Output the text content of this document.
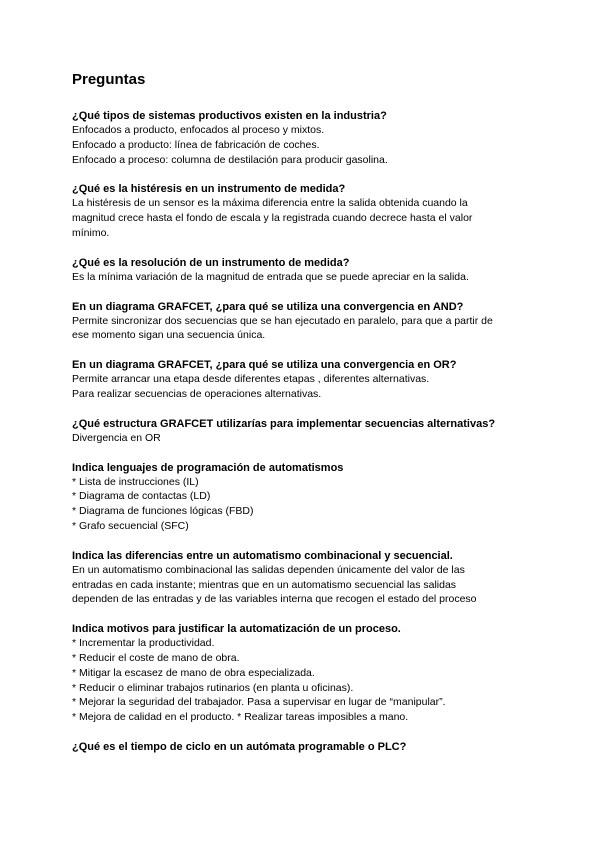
Preguntas

¿Qué tipos de sistemas productivos existen en la industria?

Enfocados a producto, enfocados al proceso y mixtos.

Enfocado a producto: línea de fabricación de coches.

Enfocado a proceso: columna de destilación para producir gasolina.

¿Qué es la histéresis en un instrumento de medida?

La histéresis de un sensor es la máxima diferencia entre la salida obtenida cuando la

magnitud crece hasta el fondo de escala y la registrada cuando decrece hasta el valor

mínimo.

¿Qué es la resolución de un instrumento de medida?

Es la mínima variación de la magnitud de entrada que se puede apreciar en la salida.

En un diagrama GRAFCET, ¿para qué se utiliza una convergencia en AND?

Permite sincronizar dos secuencias que se han ejecutado en paralelo, para que a partir de

ese momento sigan una secuencia única.

En un diagrama GRAFCET, ¿para qué se utiliza una convergencia en OR?

Permite arrancar una etapa desde diferentes etapas , diferentes alternativas.

Para realizar secuencias de operaciones alternativas.

¿Qué estructura GRAFCET utilizarías para implementar secuencias alternativas?

Divergencia en OR

Indica lenguajes de programación de automatismos

* Lista de instrucciones (IL)

* Diagrama de contactas (LD)

* Diagrama de funciones lógicas (FBD)

* Grafo secuencial (SFC)

Indica las diferencias entre un automatismo combinacional y secuencial.

En un automatismo combinacional las salidas dependen únicamente del valor de las

entradas en cada instante; mientras que en un automatismo secuencial las salidas

dependen de las entradas y de las variables interna que recogen el estado del proceso

Indica motivos para justificar la automatización de un proceso.

* Incrementar la productividad.

* Reducir el coste de mano de obra.

* Mitigar la escasez de mano de obra especializada.

* Reducir o eliminar trabajos rutinarios (en planta u oficinas).

* Mejorar la seguridad del trabajador. Pasa a supervisar en lugar de “manipular”.

* Mejora de calidad en el producto. * Realizar tareas imposibles a mano.

¿Qué es el tiempo de ciclo en un autómata programable o PLC?
